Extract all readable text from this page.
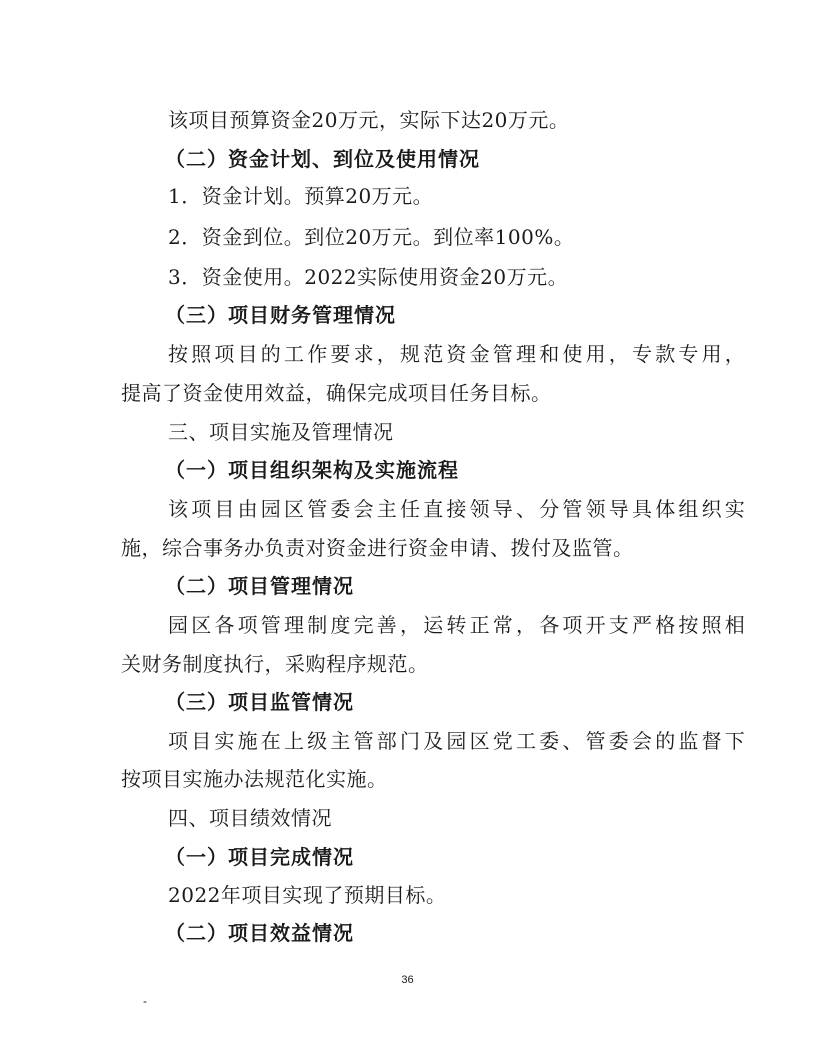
该项目预算资金20万元，实际下达20万元。
（二）资金计划、到位及使用情况
1．资金计划。预算20万元。
2．资金到位。到位20万元。到位率100%。
3．资金使用。2022实际使用资金20万元。
（三）项目财务管理情况
按照项目的工作要求，规范资金管理和使用，专款专用，
提高了资金使用效益，确保完成项目任务目标。
三、项目实施及管理情况
（一）项目组织架构及实施流程
该项目由园区管委会主任直接领导、分管领导具体组织实
施，综合事务办负责对资金进行资金申请、拨付及监管。
（二）项目管理情况
园区各项管理制度完善，运转正常，各项开支严格按照相
关财务制度执行，采购程序规范。
（三）项目监管情况
项目实施在上级主管部门及园区党工委、管委会的监督下
按项目实施办法规范化实施。
四、项目绩效情况
（一）项目完成情况
2022年项目实现了预期目标。
（二）项目效益情况
36
-
